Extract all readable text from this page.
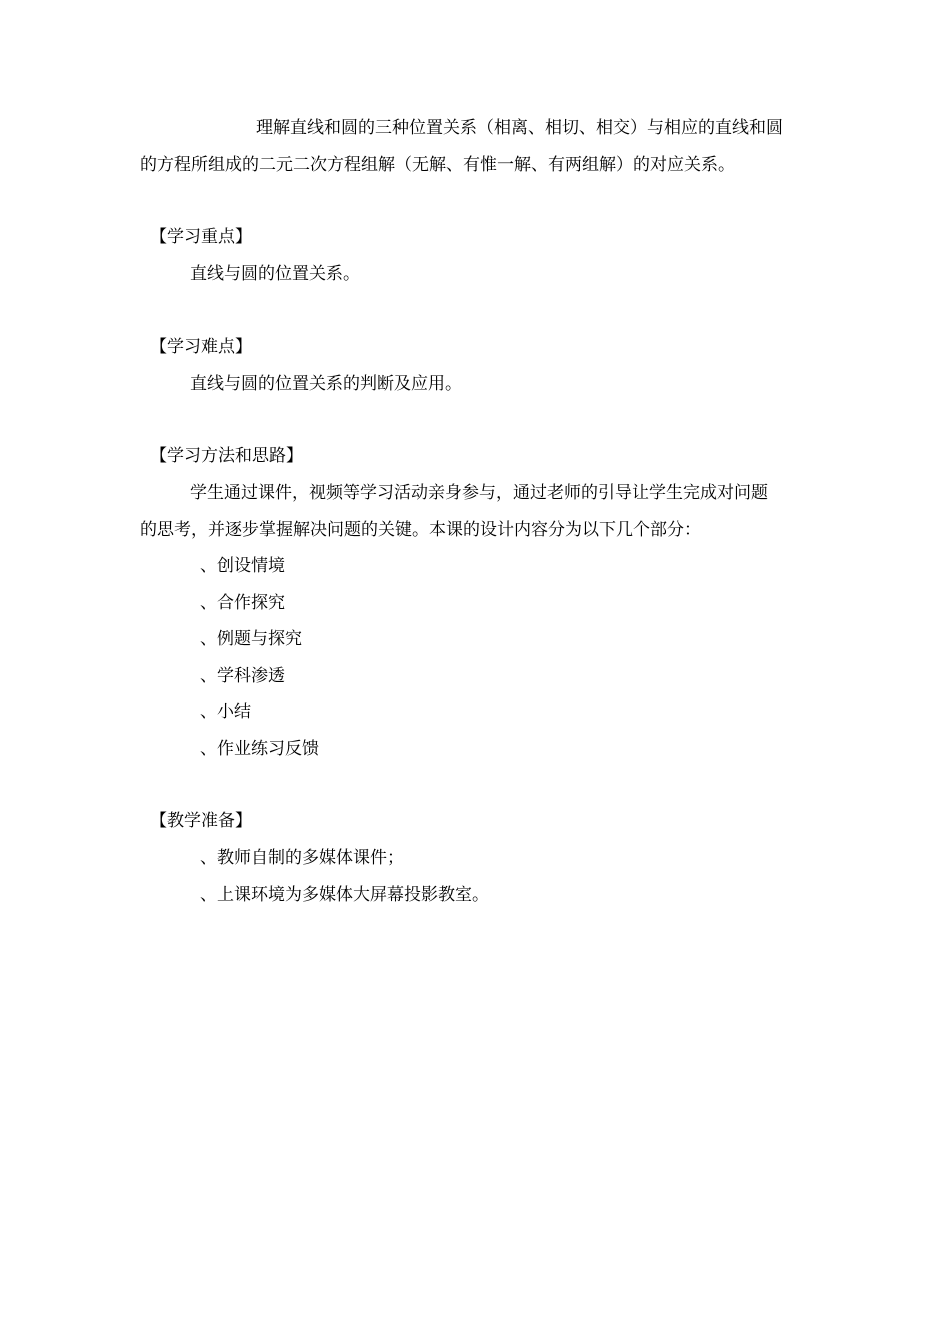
理解直线和圆的三种位置关系（相离、相切、相交）与相应的直线和圆

的方程所组成的二元二次方程组解（无解、有惟一解、有两组解）的对应关系。

【学习重点】

直线与圆的位置关系。

【学习难点】

直线与圆的位置关系的判断及应用。

【学习方法和思路】

学生通过课件，视频等学习活动亲身参与，通过老师的引导让学生完成对问题

的思考，并逐步掌握解决问题的关键。本课的设计内容分为以下几个部分：

、创设情境

、合作探究

、例题与探究

、学科渗透

、小结

、作业练习反馈

【教学准备】

、教师自制的多媒体课件；

、上课环境为多媒体大屏幕投影教室。
